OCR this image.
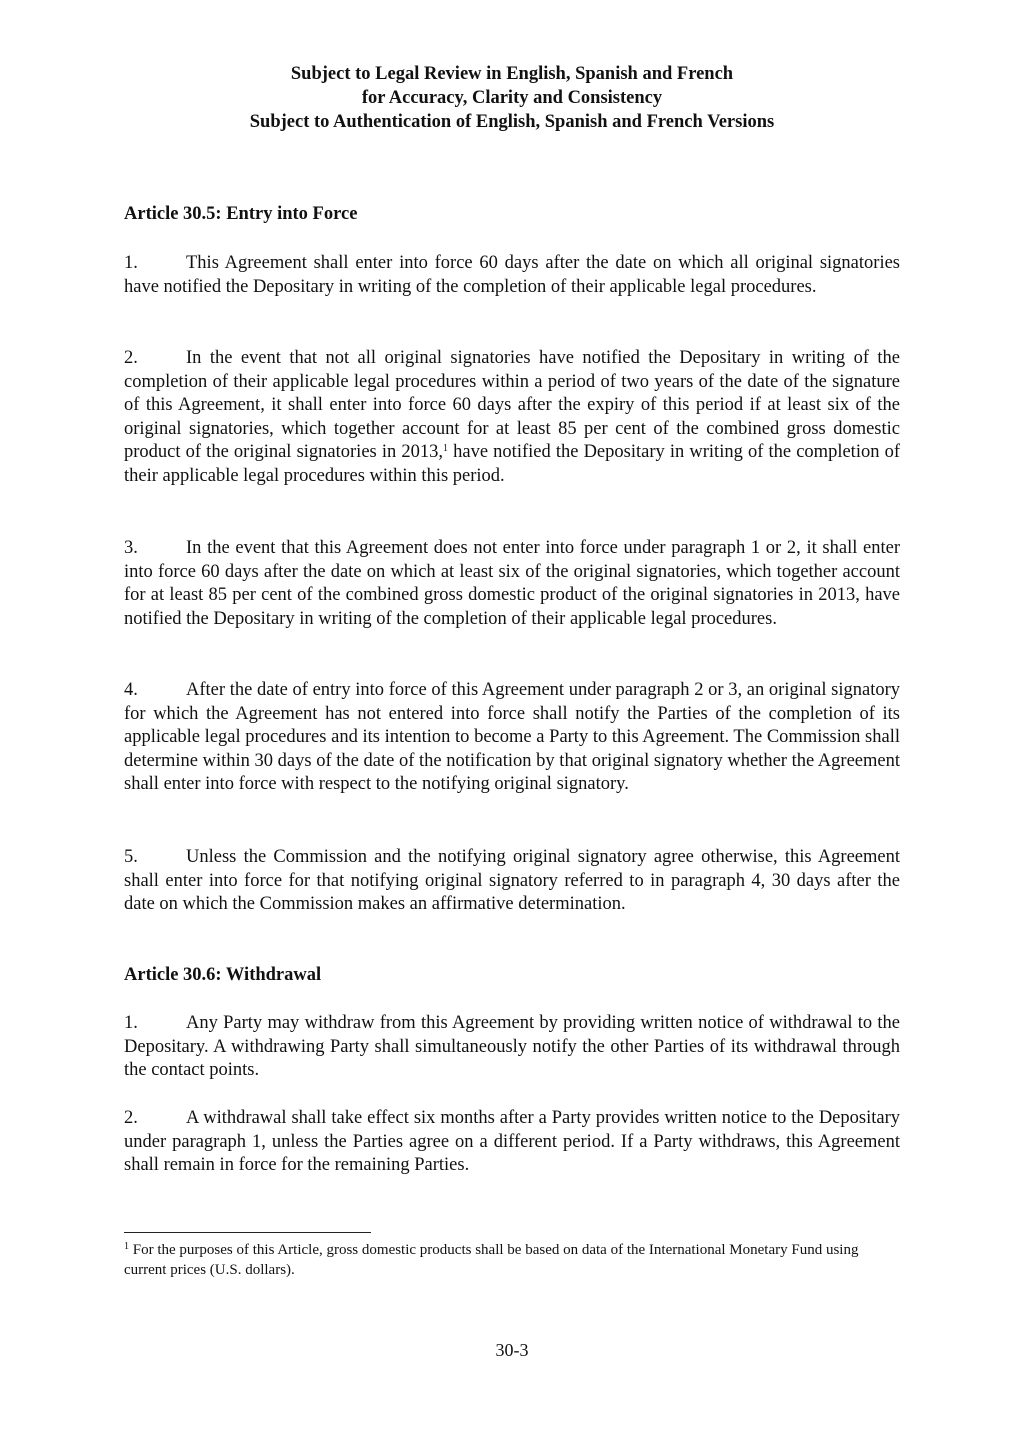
Subject to Legal Review in English, Spanish and French
for Accuracy, Clarity and Consistency
Subject to Authentication of English, Spanish and French Versions
Article 30.5: Entry into Force
1.	This Agreement shall enter into force 60 days after the date on which all original signatories have notified the Depositary in writing of the completion of their applicable legal procedures.
2.	In the event that not all original signatories have notified the Depositary in writing of the completion of their applicable legal procedures within a period of two years of the date of the signature of this Agreement, it shall enter into force 60 days after the expiry of this period if at least six of the original signatories, which together account for at least 85 per cent of the combined gross domestic product of the original signatories in 2013,$^1$ have notified the Depositary in writing of the completion of their applicable legal procedures within this period.
3.	In the event that this Agreement does not enter into force under paragraph 1 or 2, it shall enter into force 60 days after the date on which at least six of the original signatories, which together account for at least 85 per cent of the combined gross domestic product of the original signatories in 2013, have notified the Depositary in writing of the completion of their applicable legal procedures.
4.	After the date of entry into force of this Agreement under paragraph 2 or 3, an original signatory for which the Agreement has not entered into force shall notify the Parties of the completion of its applicable legal procedures and its intention to become a Party to this Agreement. The Commission shall determine within 30 days of the date of the notification by that original signatory whether the Agreement shall enter into force with respect to the notifying original signatory.
5.	Unless the Commission and the notifying original signatory agree otherwise, this Agreement shall enter into force for that notifying original signatory referred to in paragraph 4, 30 days after the date on which the Commission makes an affirmative determination.
Article 30.6: Withdrawal
1.	Any Party may withdraw from this Agreement by providing written notice of withdrawal to the Depositary. A withdrawing Party shall simultaneously notify the other Parties of its withdrawal through the contact points.
2.	A withdrawal shall take effect six months after a Party provides written notice to the Depositary under paragraph 1, unless the Parties agree on a different period. If a Party withdraws, this Agreement shall remain in force for the remaining Parties.
$^1$ For the purposes of this Article, gross domestic products shall be based on data of the International Monetary Fund using current prices (U.S. dollars).
30-3
